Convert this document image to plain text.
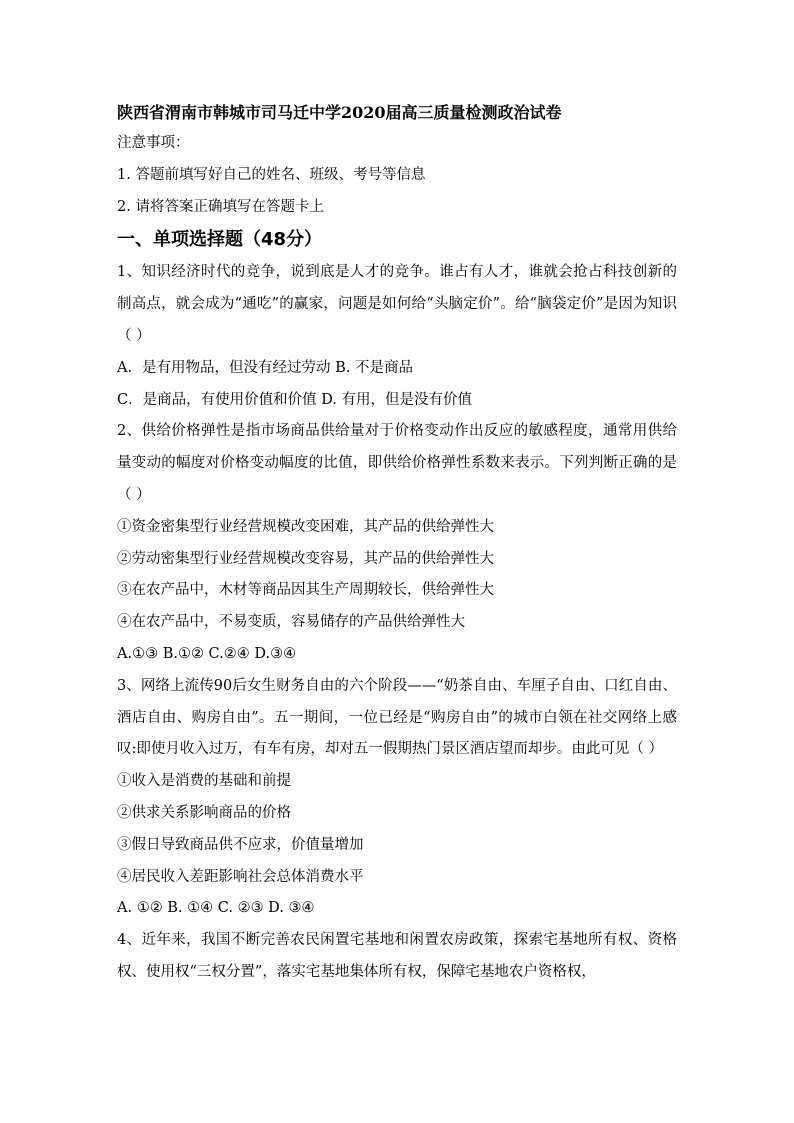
陕西省渭南市韩城市司马迁中学2020届高三质量检测政治试卷

注意事项：

1. 答题前填写好自己的姓名、班级、考号等信息

2. 请将答案正确填写在答题卡上

一、单项选择题（48分）

1、知识经济时代的竞争，说到底是人才的竞争。谁占有人才，谁就会抢占科技创新的制高点，就会成为“通吃”的赢家，问题是如何给“头脑定价”。给“脑袋定价”是因为知识（ ）

A．是有用物品，但没有经过劳动 B. 不是商品

C．是商品，有使用价值和价值 D. 有用，但是没有价值

2、供给价格弹性是指市场商品供给量对于价格变动作出反应的敏感程度，通常用供给量变动的幅度对价格变动幅度的比值，即供给价格弹性系数来表示。下列判断正确的是（ ）

①资金密集型行业经营规模改变困难，其产品的供给弹性大

②劳动密集型行业经营规模改变容易，其产品的供给弹性大

③在农产品中，木材等商品因其生产周期较长，供给弹性大

④在农产品中，不易变质，容易储存的产品供给弹性大

A.①③ B.①② C.②④ D.③④

3、网络上流传90后女生财务自由的六个阶段——“奶茶自由、车厘子自由、口红自由、酒店自由、购房自由”。五一期间，一位已经是“购房自由”的城市白领在社交网络上感叹:即使月收入过万，有车有房，却对五一假期热门景区酒店望而却步。由此可见（ ）

①收入是消费的基础和前提

②供求关系影响商品的价格

③假日导致商品供不应求，价值量增加

④居民收入差距影响社会总体消费水平

A. ①② B. ①④ C. ②③ D. ③④

4、近年来，我国不断完善农民闲置宅基地和闲置农房政策，探索宅基地所有权、资格权、使用权“三权分置”，落实宅基地集体所有权，保障宅基地农户资格权，
